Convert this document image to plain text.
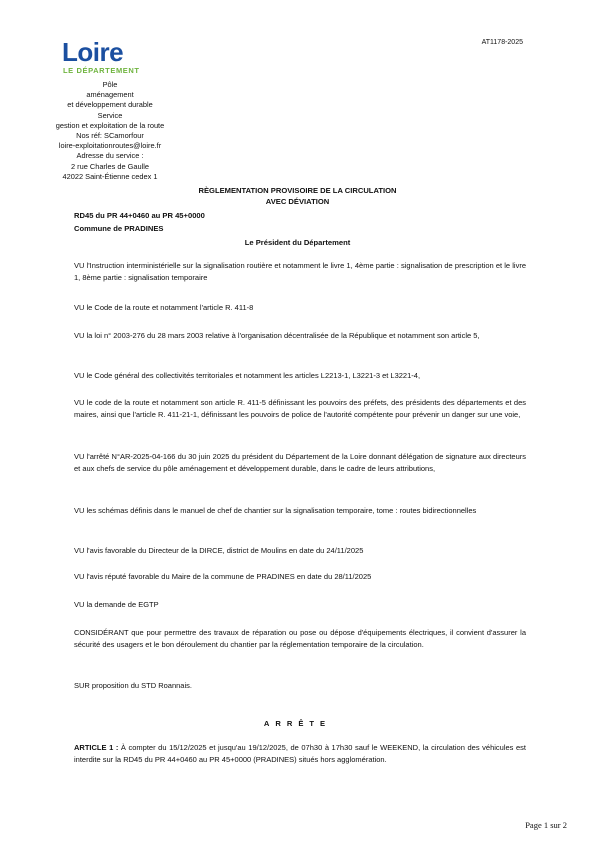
Loire
LE DÉPARTEMENT
AT1178-2025
Pôle
aménagement
et développement durable
Service
gestion et exploitation de la route
Nos réf: SCamorfour
loire-exploitationroutes@loire.fr
Adresse du service :
2 rue Charles de Gaulle
42022 Saint-Étienne cedex 1
RÈGLEMENTATION PROVISOIRE DE LA CIRCULATION
AVEC DÉVIATION
RD45 du PR 44+0460 au PR 45+0000
Commune de PRADINES
Le Président du Département
VU l'Instruction interministérielle sur la signalisation routière et notamment le livre 1, 4ème partie : signalisation de prescription et le livre 1, 8ème partie : signalisation temporaire
VU le Code de la route et notamment l'article R. 411-8
VU la loi n° 2003-276 du 28 mars 2003 relative à l'organisation décentralisée de la République et notamment son article 5,
VU le Code général des collectivités territoriales et notamment les articles L2213-1, L3221-3 et L3221-4,
VU le code de la route et notamment son article R. 411-5 définissant les pouvoirs des préfets, des présidents des départements et des maires, ainsi que l'article R. 411-21-1, définissant les pouvoirs de police de l'autorité compétente pour prévenir un danger sur une voie,
VU l'arrêté N°AR-2025-04-166 du 30 juin 2025 du président du Département de la Loire donnant délégation de signature aux directeurs et aux chefs de service du pôle aménagement et développement durable, dans le cadre de leurs attributions,
VU les schémas définis dans le manuel de chef de chantier sur la signalisation temporaire, tome : routes bidirectionnelles
VU l'avis favorable du Directeur de la DIRCE, district de Moulins en date du 24/11/2025
VU l'avis réputé favorable du Maire de la commune de PRADINES en date du 28/11/2025
VU la demande de EGTP
CONSIDÉRANT que pour permettre des travaux de réparation ou pose ou dépose d'équipements électriques, il convient d'assurer la sécurité des usagers et le bon déroulement du chantier par la réglementation temporaire de la circulation.
SUR proposition du STD Roannais.
ARRÊTE
ARTICLE 1 : À compter du 15/12/2025 et jusqu'au 19/12/2025, de 07h30 à 17h30 sauf le WEEKEND, la circulation des véhicules est interdite sur la RD45 du PR 44+0460 au PR 45+0000 (PRADINES) situés hors agglomération.
Page 1 sur 2
